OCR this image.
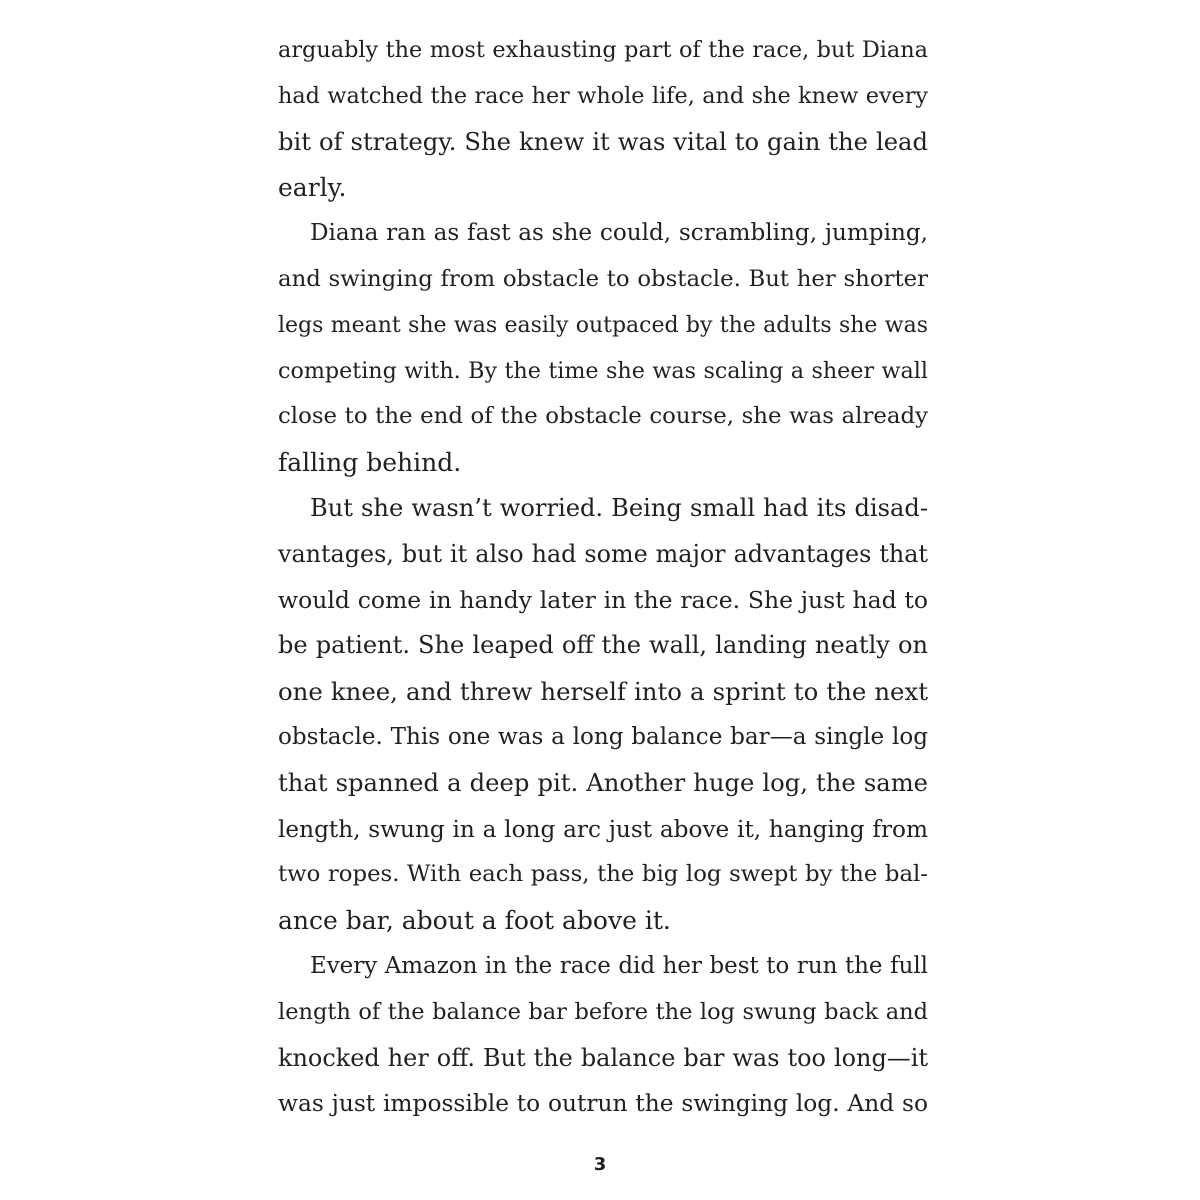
arguably the most exhausting part of the race, but Diana
had watched the race her whole life, and she knew every
bit of strategy. She knew it was vital to gain the lead
early.
Diana ran as fast as she could, scrambling, jumping,
and swinging from obstacle to obstacle. But her shorter
legs meant she was easily outpaced by the adults she was
competing with. By the time she was scaling a sheer wall
close to the end of the obstacle course, she was already
falling behind.
But she wasn’t worried. Being small had its disad-
vantages, but it also had some major advantages that
would come in handy later in the race. She just had to
be patient. She leaped off the wall, landing neatly on
one knee, and threw herself into a sprint to the next
obstacle. This one was a long balance bar—a single log
that spanned a deep pit. Another huge log, the same
length, swung in a long arc just above it, hanging from
two ropes. With each pass, the big log swept by the bal-
ance bar, about a foot above it.
Every Amazon in the race did her best to run the full
length of the balance bar before the log swung back and
knocked her off. But the balance bar was too long—it
was just impossible to outrun the swinging log. And so
3
